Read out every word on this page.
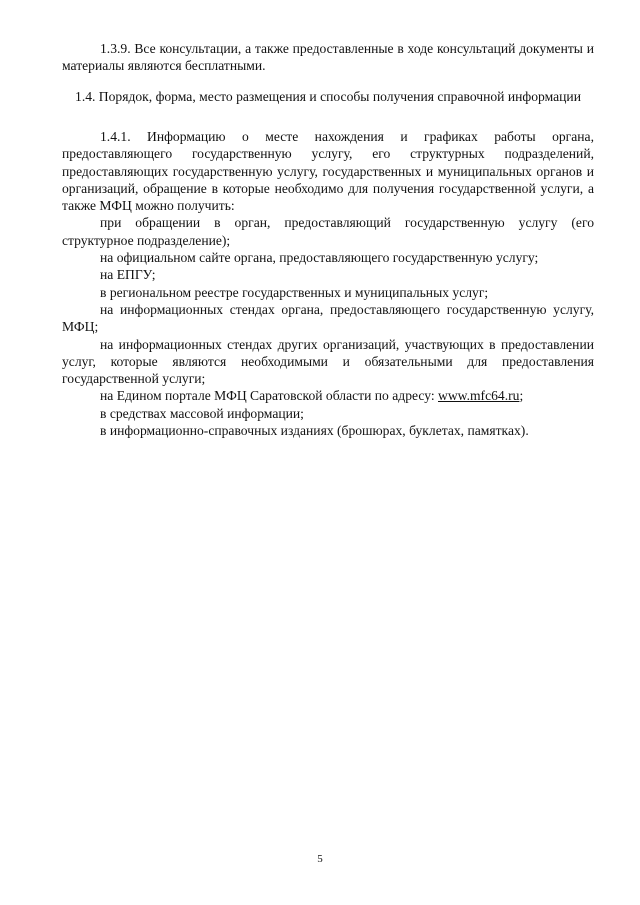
1.3.9. Все консультации, а также предоставленные в ходе консультаций документы и материалы являются бесплатными.

1.4. Порядок, форма, место размещения и способы получения справочной информации

1.4.1. Информацию о месте нахождения и графиках работы органа, предоставляющего государственную услугу, его структурных подразделений, предоставляющих государственную услугу, государственных и муниципальных органов и организаций, обращение в которые необходимо для получения государственной услуги, а также МФЦ можно получить:

при обращении в орган, предоставляющий государственную услугу (его структурное подразделение);

на официальном сайте органа, предоставляющего государственную услугу;

на ЕПГУ;

в региональном реестре государственных и муниципальных услуг;

на информационных стендах органа, предоставляющего государственную услугу, МФЦ;

на информационных стендах других организаций, участвующих в предоставлении услуг, которые являются необходимыми и обязательными для предоставления государственной услуги;

на Едином портале МФЦ Саратовской области по адресу: www.mfc64.ru;

в средствах массовой информации;

в информационно-справочных изданиях (брошюрах, буклетах, памятках).

5
